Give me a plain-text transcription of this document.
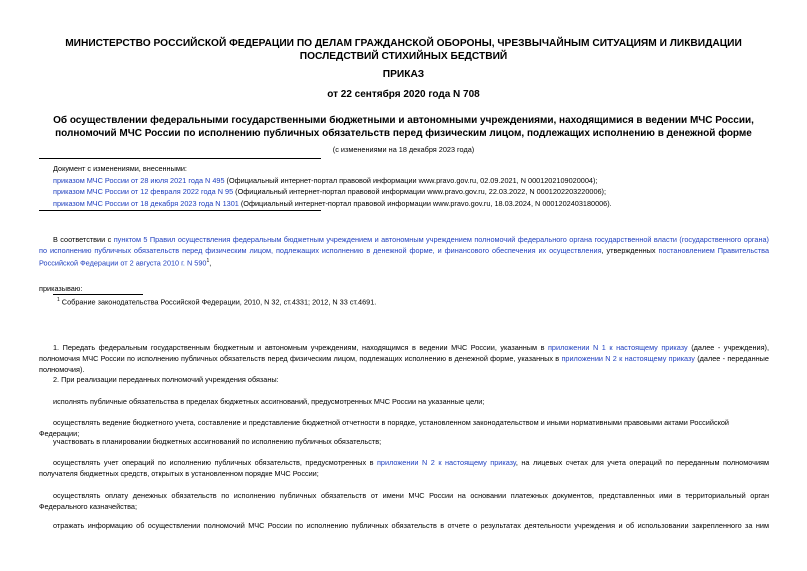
МИНИСТЕРСТВО РОССИЙСКОЙ ФЕДЕРАЦИИ ПО ДЕЛАМ ГРАЖДАНСКОЙ ОБОРОНЫ, ЧРЕЗВЫЧАЙНЫМ СИТУАЦИЯМ И ЛИКВИДАЦИИ ПОСЛЕДСТВИЙ СТИХИЙНЫХ БЕДСТВИЙ
ПРИКАЗ
от 22 сентября 2020 года N 708
Об осуществлении федеральными государственными бюджетными и автономными учреждениями, находящимися в ведении МЧС России, полномочий МЧС России по исполнению публичных обязательств перед физическим лицом, подлежащих исполнению в денежной форме
(с изменениями на 18 декабря 2023 года)
Документ с изменениями, внесенными:
приказом МЧС России от 28 июля 2021 года N 495 (Официальный интернет-портал правовой информации www.pravo.gov.ru, 02.09.2021, N 0001202109020004);
приказом МЧС России от 12 февраля 2022 года N 95 (Официальный интернет-портал правовой информации www.pravo.gov.ru, 22.03.2022, N 0001202203220006);
приказом МЧС России от 18 декабря 2023 года N 1301 (Официальный интернет-портал правовой информации www.pravo.gov.ru, 18.03.2024, N 0001202403180006).
В соответствии с пунктом 5 Правил осуществления федеральным бюджетным учреждением и автономным учреждением полномочий федерального органа государственной власти (государственного органа) по исполнению публичных обязательств перед физическим лицом, подлежащих исполнению в денежной форме, и финансового обеспечения их осуществления, утвержденных постановлением Правительства Российской Федерации от 2 августа 2010 г. N $590^1$,
приказываю:
$^1$ Собрание законодательства Российской Федерации, 2010, N 32, ст.4331; 2012, N 33 ст.4691.
1. Передать федеральным государственным бюджетным и автономным учреждениям, находящимся в ведении МЧС России, указанным в приложении N 1 к настоящему приказу (далее - учреждения), полномочия МЧС России по исполнению публичных обязательств перед физическим лицом, подлежащих исполнению в денежной форме, указанных в приложении N 2 к настоящему приказу (далее - переданные полномочия).
2. При реализации переданных полномочий учреждения обязаны:
исполнять публичные обязательства в пределах бюджетных ассигнований, предусмотренных МЧС России на указанные цели;
осуществлять ведение бюджетного учета, составление и представление бюджетной отчетности в порядке, установленном законодательством и иными нормативными правовыми актами Российской Федерации;
участвовать в планировании бюджетных ассигнований по исполнению публичных обязательств;
осуществлять учет операций по исполнению публичных обязательств, предусмотренных в приложении N 2 к настоящему приказу, на лицевых счетах для учета операций по переданным полномочиям получателя бюджетных средств, открытых в установленном порядке МЧС России;
осуществлять оплату денежных обязательств по исполнению публичных обязательств от имени МЧС России на основании платежных документов, представленных ими в территориальный орган Федерального казначейства;
отражать информацию об осуществлении полномочий МЧС России по исполнению публичных обязательств в отчете о результатах деятельности учреждения и об использовании закрепленного за ним
